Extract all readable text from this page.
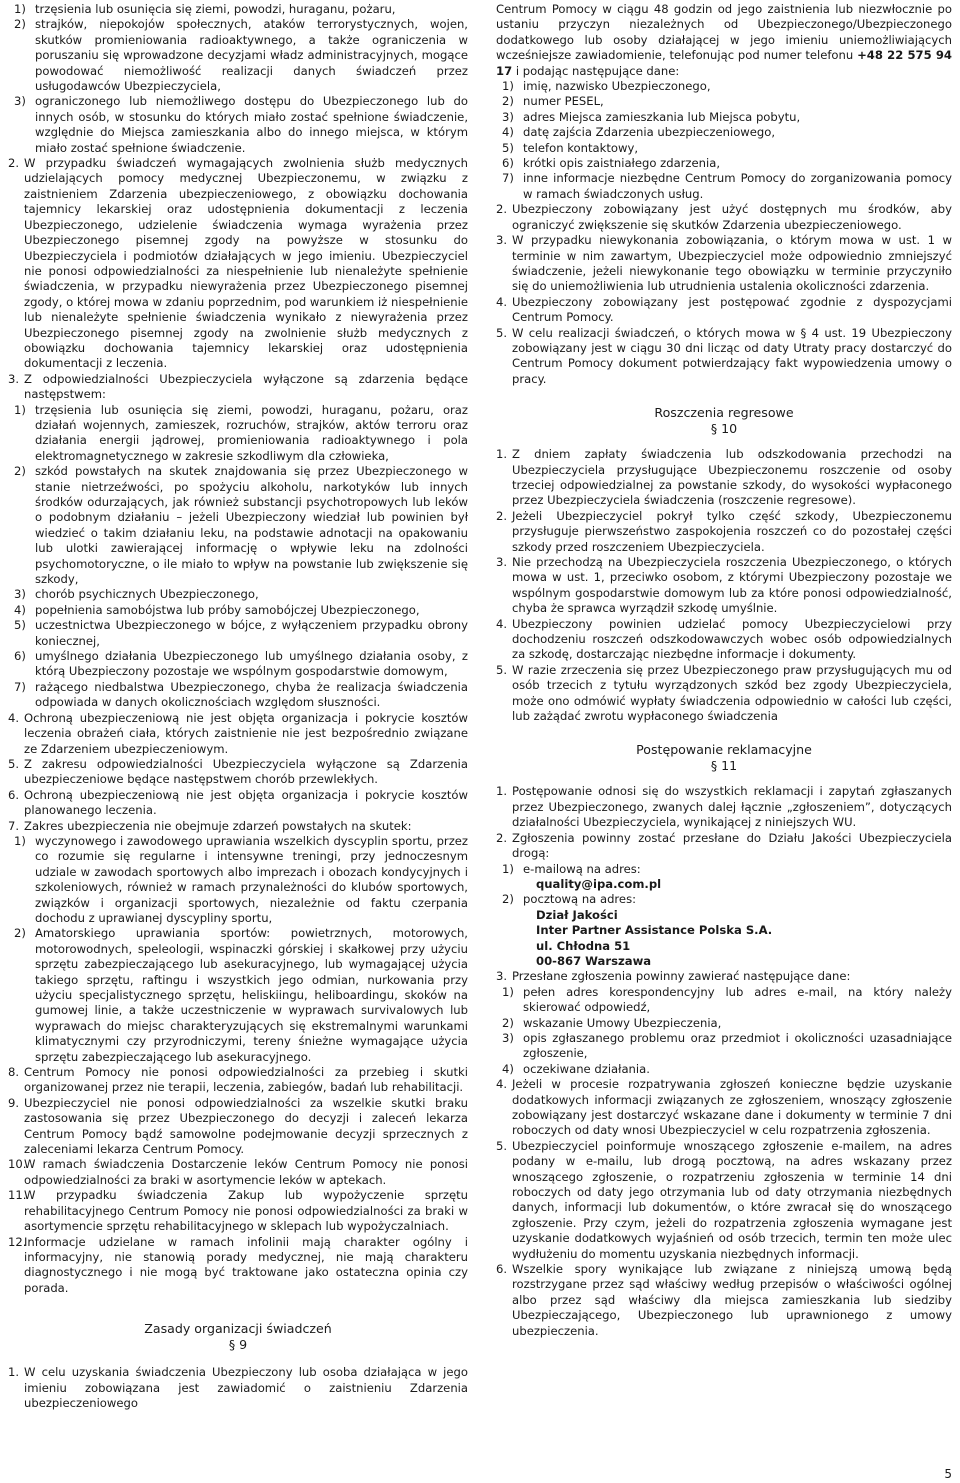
1) trzęsienia lub osunięcia się ziemi, powodzi, huraganu, pożaru,
2) strajków, niepokojów społecznych, ataków terrorystycznych, wojen, skutków promieniowania radioaktywnego, a także ograniczenia w poruszaniu się wprowadzone decyzjami władz administracyjnych, mogące powodować niemożliwość realizacji danych świadczeń przez usługodawców Ubezpieczyciela,
3) ograniczonego lub niemożliwego dostępu do Ubezpieczonego lub do innych osób, w stosunku do których miało zostać spełnione świadczenie, względnie do Miejsca zamieszkania albo do innego miejsca, w którym miało zostać spełnione świadczenie.
2. W przypadku świadczeń wymagających zwolnienia służb medycznych udzielających pomocy medycznej Ubezpieczonemu, w związku z zaistnieniem Zdarzenia ubezpieczeniowego, z obowiązku dochowania tajemnicy lekarskiej oraz udostępnienia dokumentacji z leczenia Ubezpieczonego, udzielenie świadczenia wymaga wyrażenia przez Ubezpieczonego pisemnej zgody na powyższe w stosunku do Ubezpieczyciela i podmiotów działających w jego imieniu. Ubezpieczyciel nie ponosi odpowiedzialności za niespełnienie lub nienależyte spełnienie świadczenia, w przypadku niewyrażenia przez Ubezpieczonego pisemnej zgody, o której mowa w zdaniu poprzednim, pod warunkiem iż niespełnienie lub nienależyte spełnienie świadczenia wynikało z niewyrażenia przez Ubezpieczonego pisemnej zgody na zwolnienie służb medycznych z obowiązku dochowania tajemnicy lekarskiej oraz udostępnienia dokumentacji z leczenia.
3. Z odpowiedzialności Ubezpieczyciela wyłączone są zdarzenia będące następstwem:
1) trzęsienia lub osunięcia się ziemi, powodzi, huraganu, pożaru, oraz działań wojennych, zamieszek, rozruchów, strajków, aktów terroru oraz działania energii jądrowej, promieniowania radioaktywnego i pola elektromagnetycznego w zakresie szkodliwym dla człowieka,
2) szkód powstałych na skutek znajdowania się przez Ubezpieczonego w stanie nietrzeźwości, po spożyciu alkoholu, narkotyków lub innych środków odurzających, jak również substancji psychotropowych lub leków o podobnym działaniu – jeżeli Ubezpieczony wiedział lub powinien był wiedzieć o takim działaniu leku, na podstawie adnotacji na opakowaniu lub ulotki zawierającej informację o wpływie leku na zdolności psychomotoryczne, o ile miało to wpływ na powstanie lub zwiększenie się szkody,
3) chorób psychicznych Ubezpieczonego,
4) popełnienia samobójstwa lub próby samobójczej Ubezpieczonego,
5) uczestnictwa Ubezpieczonego w bójce, z wyłączeniem przypadku obrony koniecznej,
6) umyślnego działania Ubezpieczonego lub umyślnego działania osoby, z którą Ubezpieczony pozostaje we wspólnym gospodarstwie domowym,
7) rażącego niedbalstwa Ubezpieczonego, chyba że realizacja świadczenia odpowiada w danych okolicznościach względom słuszności.
4. Ochroną ubezpieczeniową nie jest objęta organizacja i pokrycie kosztów leczenia obrażeń ciała, których zaistnienie nie jest bezpośrednio związane ze Zdarzeniem ubezpieczeniowym.
5. Z zakresu odpowiedzialności Ubezpieczyciela wyłączone są Zdarzenia ubezpieczeniowe będące następstwem chorób przewlekłych.
6. Ochroną ubezpieczeniową nie jest objęta organizacja i pokrycie kosztów planowanego leczenia.
7. Zakres ubezpieczenia nie obejmuje zdarzeń powstałych na skutek:
1) wyczynowego i zawodowego uprawiania wszelkich dyscyplin sportu, przez co rozumie się regularne i intensywne treningi, przy jednoczesnym udziale w zawodach sportowych albo imprezach i obozach kondycyjnych i szkoleniowych, również w ramach przynależności do klubów sportowych, związków i organizacji sportowych, niezależnie od faktu czerpania dochodu z uprawianej dyscypliny sportu,
2) Amatorskiego uprawiania sportów: powietrznych, motorowych, motorowodnych, speleologii, wspinaczki górskiej i skałkowej przy użyciu sprzętu zabezpieczającego lub asekuracyjnego, lub wymagającej użycia takiego sprzętu, raftingu i wszystkich jego odmian, nurkowania przy użyciu specjalistycznego sprzętu, heliskiingu, heliboardingu, skoków na gumowej linie, a także uczestniczenie w wyprawach survivalowych lub wyprawach do miejsc charakteryzujących się ekstremalnymi warunkami klimatycznymi czy przyrodniczymi, tereny śnieżne wymagające użycia sprzętu zabezpieczającego lub asekuracyjnego.
8. Centrum Pomocy nie ponosi odpowiedzialności za przebieg i skutki organizowanej przez nie terapii, leczenia, zabiegów, badań lub rehabilitacji.
9. Ubezpieczyciel nie ponosi odpowiedzialności za wszelkie skutki braku zastosowania się przez Ubezpieczonego do decyzji i zaleceń lekarza Centrum Pomocy bądź samowolne podejmowanie decyzji sprzecznych z zaleceniami lekarza Centrum Pomocy.
10.
W ramach świadczenia Dostarczenie leków Centrum Pomocy nie ponosi odpowiedzialności za braki w asortymencie leków w aptekach.
11.
W przypadku świadczenia Zakup lub wypożyczenie sprzętu rehabilitacyjnego Centrum Pomocy nie ponosi odpowiedzialności za braki w asortymencie sprzętu rehabilitacyjnego w sklepach lub wypożyczalniach.
12.
Informacje udzielane w ramach infolinii mają charakter ogólny i informacyjny, nie stanowią porady medycznej, nie mają charakteru diagnostycznego i nie mogą być traktowane jako ostateczna opinia czy porada.
Zasady organizacji świadczeń
§ 9
1. W celu uzyskania świadczenia Ubezpieczony lub osoba działająca w jego imieniu zobowiązana jest zawiadomić o zaistnieniu Zdarzenia ubezpieczeniowego
Centrum Pomocy w ciągu 48 godzin od jego zaistnienia lub niezwłocznie po ustaniu przyczyn niezależnych od Ubezpieczonego/Ubezpieczonego dodatkowego lub osoby działającej w jego imieniu uniemożliwiających wcześniejsze zawiadomienie, telefonując pod numer telefonu +48 22 575 94 17 i podając następujące dane:
1) imię, nazwisko Ubezpieczonego,
2) numer PESEL,
3) adres Miejsca zamieszkania lub Miejsca pobytu,
4) datę zajścia Zdarzenia ubezpieczeniowego,
5) telefon kontaktowy,
6) krótki opis zaistniałego zdarzenia,
7) inne informacje niezbędne Centrum Pomocy do zorganizowania pomocy w ramach świadczonych usług.
2. Ubezpieczony zobowiązany jest użyć dostępnych mu środków, aby ograniczyć zwiększenie się skutków Zdarzenia ubezpieczeniowego.
3. W przypadku niewykonania zobowiązania, o którym mowa w ust. 1 w terminie w nim zawartym, Ubezpieczyciel może odpowiednio zmniejszyć świadczenie, jeżeli niewykonanie tego obowiązku w terminie przyczyniło się do uniemożliwienia lub utrudnienia ustalenia okoliczności zdarzenia.
4. Ubezpieczony zobowiązany jest postępować zgodnie z dyspozycjami Centrum Pomocy.
5. W celu realizacji świadczeń, o których mowa w § 4 ust. 19 Ubezpieczony zobowiązany jest w ciągu 30 dni licząc od daty Utraty pracy dostarczyć do Centrum Pomocy dokument potwierdzający fakt wypowiedzenia umowy o pracy.
Roszczenia regresowe
§ 10
1. Z dniem zapłaty świadczenia lub odszkodowania przechodzi na Ubezpieczyciela przysługujące Ubezpieczonemu roszczenie od osoby trzeciej odpowiedzialnej za powstanie szkody, do wysokości wypłaconego przez Ubezpieczyciela świadczenia (roszczenie regresowe).
2. Jeżeli Ubezpieczyciel pokrył tylko część szkody, Ubezpieczonemu przysługuje pierwszeństwo zaspokojenia roszczeń co do pozostałej części szkody przed roszczeniem Ubezpieczyciela.
3. Nie przechodzą na Ubezpieczyciela roszczenia Ubezpieczonego, o których mowa w ust. 1, przeciwko osobom, z którymi Ubezpieczony pozostaje we wspólnym gospodarstwie domowym lub za które ponosi odpowiedzialność, chyba że sprawca wyrządził szkodę umyślnie.
4. Ubezpieczony powinien udzielać pomocy Ubezpieczycielowi przy dochodzeniu roszczeń odszkodowawczych wobec osób odpowiedzialnych za szkodę, dostarczając niezbędne informacje i dokumenty.
5. W razie zrzeczenia się przez Ubezpieczonego praw przysługujących mu od osób trzecich z tytułu wyrządzonych szkód bez zgody Ubezpieczyciela, może ono odmówić wypłaty świadczenia odpowiednio w całości lub części, lub zażądać zwrotu wypłaconego świadczenia
Postępowanie reklamacyjne
§ 11
1. Postępowanie odnosi się do wszystkich reklamacji i zapytań zgłaszanych przez Ubezpieczonego, zwanych dalej łącznie „zgłoszeniem”, dotyczących działalności Ubezpieczyciela, wynikającej z niniejszych WU.
2. Zgłoszenia powinny zostać przesłane do Działu Jakości Ubezpieczyciela drogą:
1) e-mailową na adres:
quality@ipa.com.pl
2) pocztową na adres:
Dział Jakości
Inter Partner Assistance Polska S.A.
ul. Chłodna 51
00-867 Warszawa
3. Przesłane zgłoszenia powinny zawierać następujące dane:
1) pełen adres korespondencyjny lub adres e-mail, na który należy skierować odpowiedź,
2) wskazanie Umowy Ubezpieczenia,
3) opis zgłaszanego problemu oraz przedmiot i okoliczności uzasadniające zgłoszenie,
4) oczekiwane działania.
4. Jeżeli w procesie rozpatrywania zgłoszeń konieczne będzie uzyskanie dodatkowych informacji związanych ze zgłoszeniem, wnoszący zgłoszenie zobowiązany jest dostarczyć wskazane dane i dokumenty w terminie 7 dni roboczych od daty wnosi Ubezpieczyciel w celu rozpatrzenia zgłoszenia.
5. Ubezpieczyciel poinformuje wnoszącego zgłoszenie e-mailem, na adres podany w e-mailu, lub drogą pocztową, na adres wskazany przez wnoszącego zgłoszenie, o rozpatrzeniu zgłoszenia w terminie 14 dni roboczych od daty jego otrzymania lub od daty otrzymania niezbędnych danych, informacji lub dokumentów, o które zwracał się do wnoszącego zgłoszenie. Przy czym, jeżeli do rozpatrzenia zgłoszenia wymagane jest uzyskanie dodatkowych wyjaśnień od osób trzecich, termin ten może ulec wydłużeniu do momentu uzyskania niezbędnych informacji.
6. Wszelkie spory wynikające lub związane z niniejszą umową będą rozstrzygane przez sąd właściwy według przepisów o właściwości ogólnej albo przez sąd właściwy dla miejsca zamieszkania lub siedziby Ubezpieczającego, Ubezpieczonego lub uprawnionego z umowy ubezpieczenia.
5
